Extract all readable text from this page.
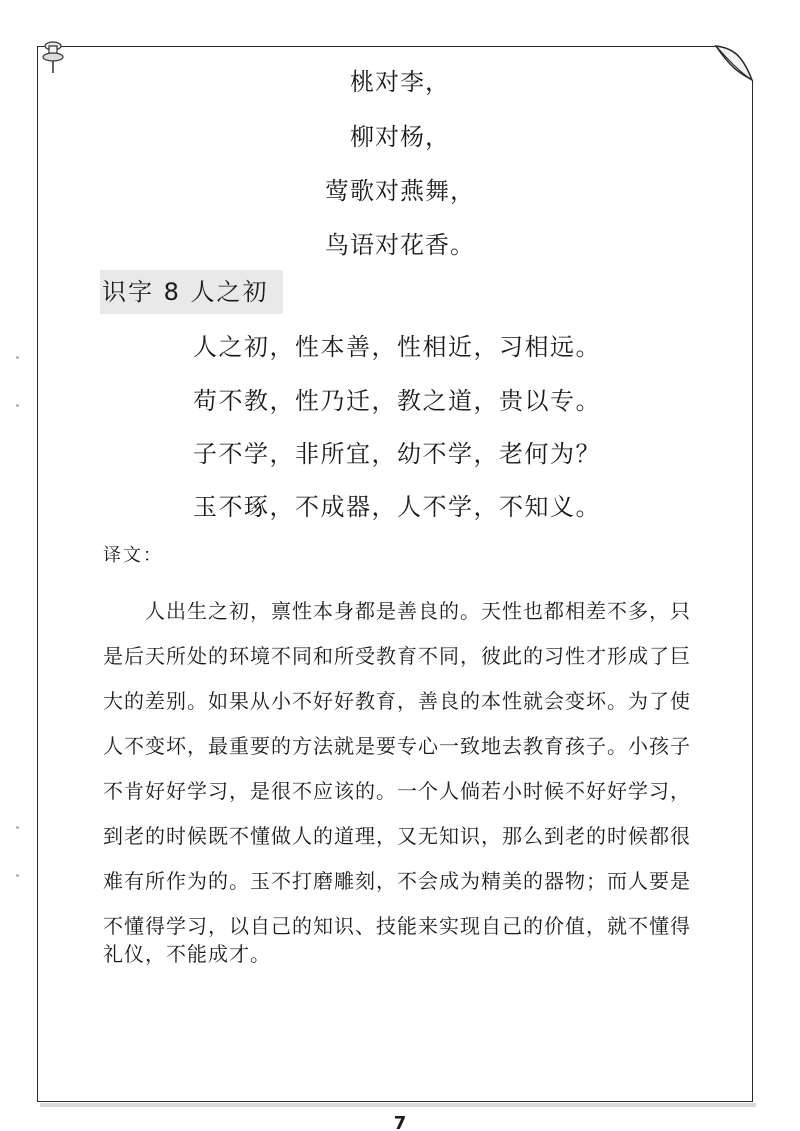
桃对李，
柳对杨，
莺歌对燕舞，
鸟语对花香。
识字 8 人之初
人之初，性本善，性相近，习相远。
苟不教，性乃迁，教之道，贵以专。
子不学，非所宜，幼不学，老何为？
玉不琢，不成器，人不学，不知义。
译文：
　　人出生之初，禀性本身都是善良的。天性也都相差不多，只
是后天所处的环境不同和所受教育不同，彼此的习性才形成了巨
大的差别。如果从小不好好教育，善良的本性就会变坏。为了使
人不变坏，最重要的方法就是要专心一致地去教育孩子。小孩子
不肯好好学习，是很不应该的。一个人倘若小时候不好好学习，
到老的时候既不懂做人的道理，又无知识，那么到老的时候都很
难有所作为的。玉不打磨雕刻，不会成为精美的器物；而人要是
不懂得学习，以自己的知识、技能来实现自己的价值，就不懂得
礼仪，不能成才。
7
